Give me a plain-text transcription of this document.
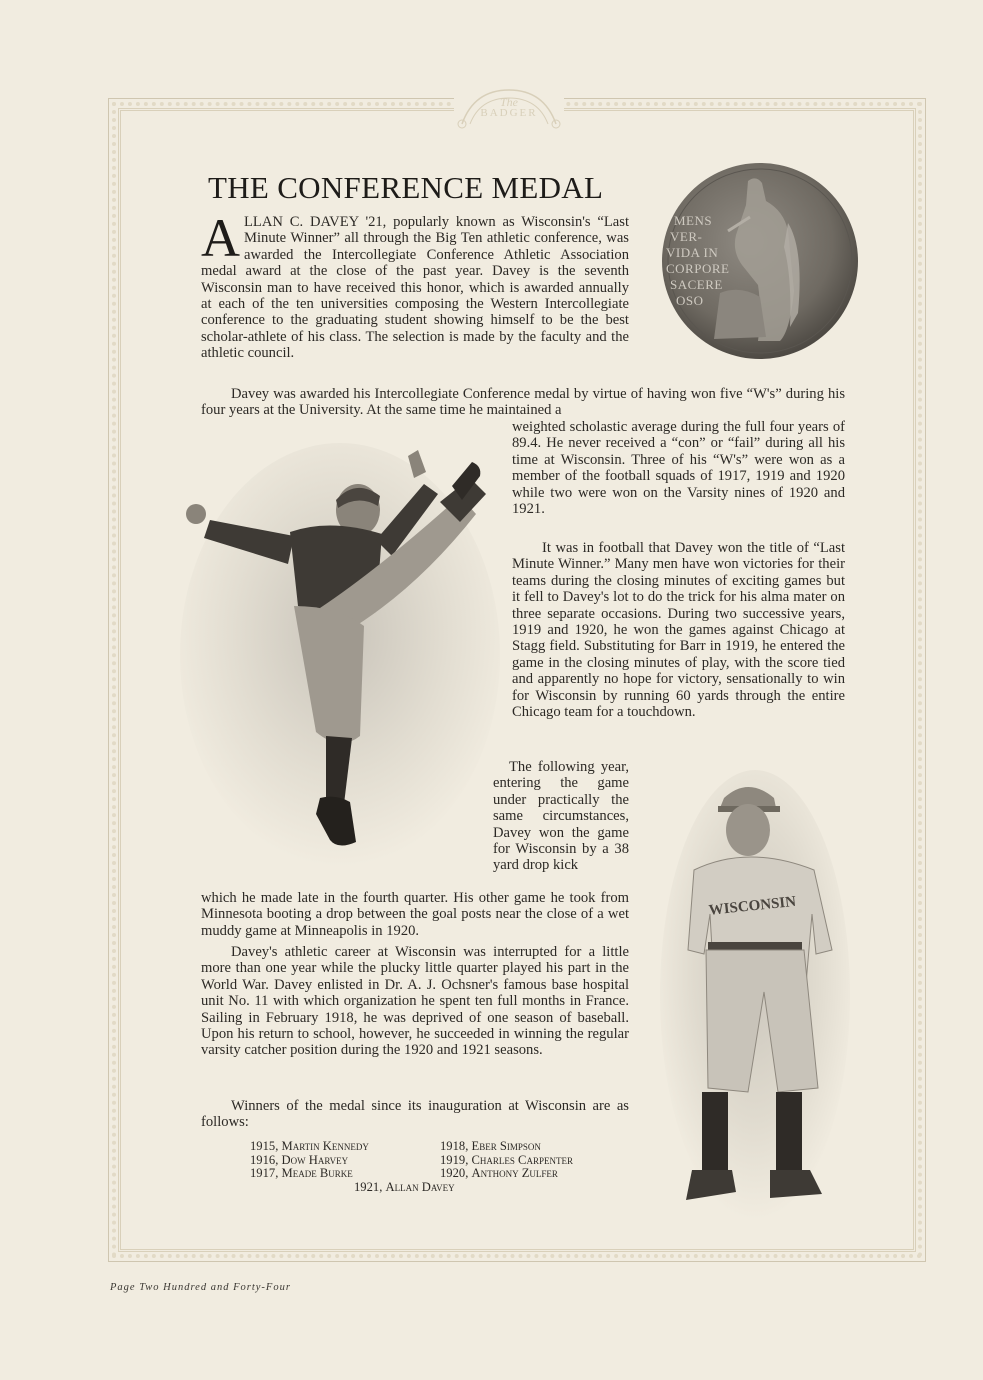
The
BADGER
THE CONFERENCE MEDAL
MENS
VER-
VIDA IN
CORPORE
SACERE
OSO

ALLAN C. DAVEY '21, popularly known as Wisconsin's “Last Minute Winner” all through the Big Ten athletic conference, was awarded the Intercollegiate Conference Athletic Association medal award at the close of the past year. Davey is the seventh Wisconsin man to have received this honor, which is awarded annually at each of the ten universities composing the Western Intercollegiate conference to the graduating student showing himself to be the best scholar-athlete of his class. The selection is made by the faculty and the athletic council.

Davey was awarded his Intercollegiate Conference medal by virtue of having won five “W's” during his four years at the University. At the same time he maintained a
weighted scholastic average during the full four years of 89.4. He never received a “con” or “fail” during all his time at Wisconsin. Three of his “W's” were won as a member of the football squads of 1917, 1919 and 1920 while two were won on the Varsity nines of 1920 and 1921.
It was in football that Davey won the title of “Last Minute Winner.” Many men have won victories for their teams during the closing minutes of exciting games but it fell to Davey's lot to do the trick for his alma mater on three separate occasions. During two successive years, 1919 and 1920, he won the games against Chicago at Stagg field. Substituting for Barr in 1919, he entered the game in the closing minutes of play, with the score tied and apparently no hope for victory, sensationally to win for Wisconsin by running 60 yards through the entire Chicago team for a touchdown.
The following year, entering the game under practically the same circumstances, Davey won the game for Wisconsin by a 38 yard drop kick
which he made late in the fourth quarter. His other game he took from Minnesota booting a drop between the goal posts near the close of a wet muddy game at Minneapolis in 1920.
Davey's athletic career at Wisconsin was interrupted for a little more than one year while the plucky little quarter played his part in the World War. Davey enlisted in Dr. A. J. Ochsner's famous base hospital unit No. 11 with which organization he spent ten full months in France. Sailing in February 1918, he was deprived of one season of baseball. Upon his return to school, however, he succeeded in winning the regular varsity catcher position during the 1920 and 1921 seasons.
Winners of the medal since its inauguration at Wisconsin are as follows:
1915, Martin Kennedy	1918, Eber Simpson
1916, Dow Harvey	1919, Charles Carpenter
1917, Meade Burke	1920, Anthony Zulfer
1921, Allan Davey
WISCONSIN
Page Two Hundred and Forty-Four
